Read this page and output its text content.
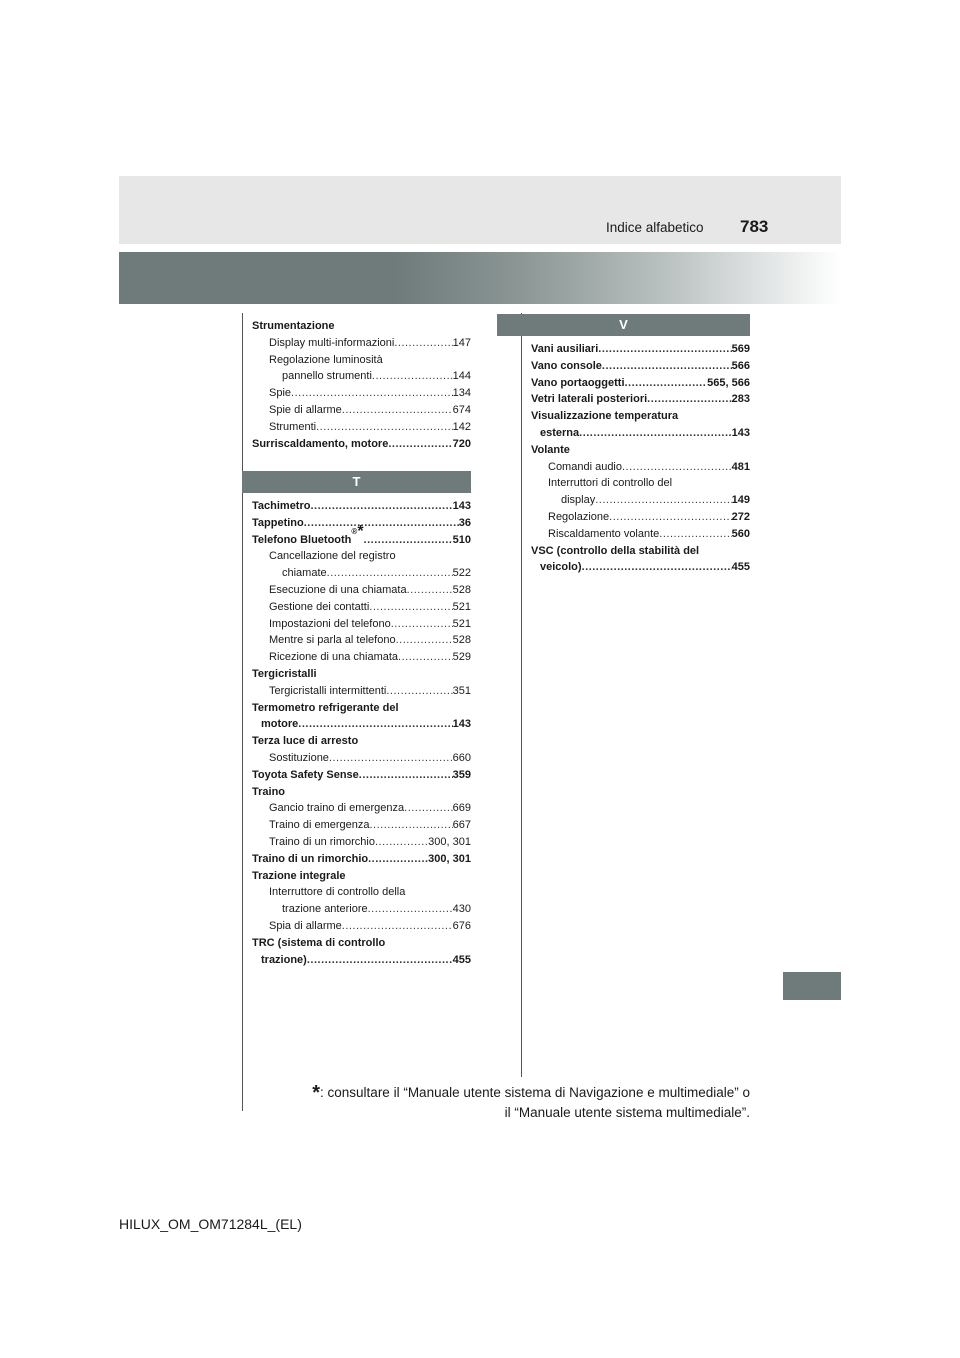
Indice alfabetico 783
Strumentazione
Display multi-informazioni .....	147
Regolazione luminosità
pannello strumenti .....	144
Spie .....	134
Spie di allarme .....	674
Strumenti .....	142
Surriscaldamento, motore .....	720
T
Tachimetro .....	143
Tappetino .....	36
Telefono Bluetooth
® * .....	510
Cancellazione del registro
chiamate .....	522
Esecuzione di una chiamata .....	528
Gestione dei contatti .....	521
Impostazioni del telefono .....	521
Mentre si parla al telefono .....	528
Ricezione di una chiamata .....	529
Tergicristalli
Tergicristalli intermittenti .....	351
Termometro refrigerante del
motore .....	143
Terza luce di arresto
Sostituzione .....	660
Toyota Safety Sense .....	359
Traino
Gancio traino di emergenza .....	669
Traino di emergenza .....	667
Traino di un rimorchio .....	300, 301
Traino di un rimorchio .....	300, 301
Trazione integrale
Interruttore di controllo della
trazione anteriore .....	430
Spia di allarme .....	676
TRC (sistema di controllo
trazione) .....	455
V
Vani ausiliari .....	569
Vano console .....	566
Vano portaoggetti .....	565, 566
Vetri laterali posteriori .....	283
Visualizzazione temperatura
esterna .....	143
Volante
Comandi audio .....	481
Interruttori di controllo del
display .....	149
Regolazione .....	272
Riscaldamento volante .....	560
VSC (controllo della stabilità del
veicolo) .....	455
*: consultare il “Manuale utente sistema di Navigazione e multimediale” o
il “Manuale utente sistema multimediale”.
HILUX_OM_OM71284L_(EL)
